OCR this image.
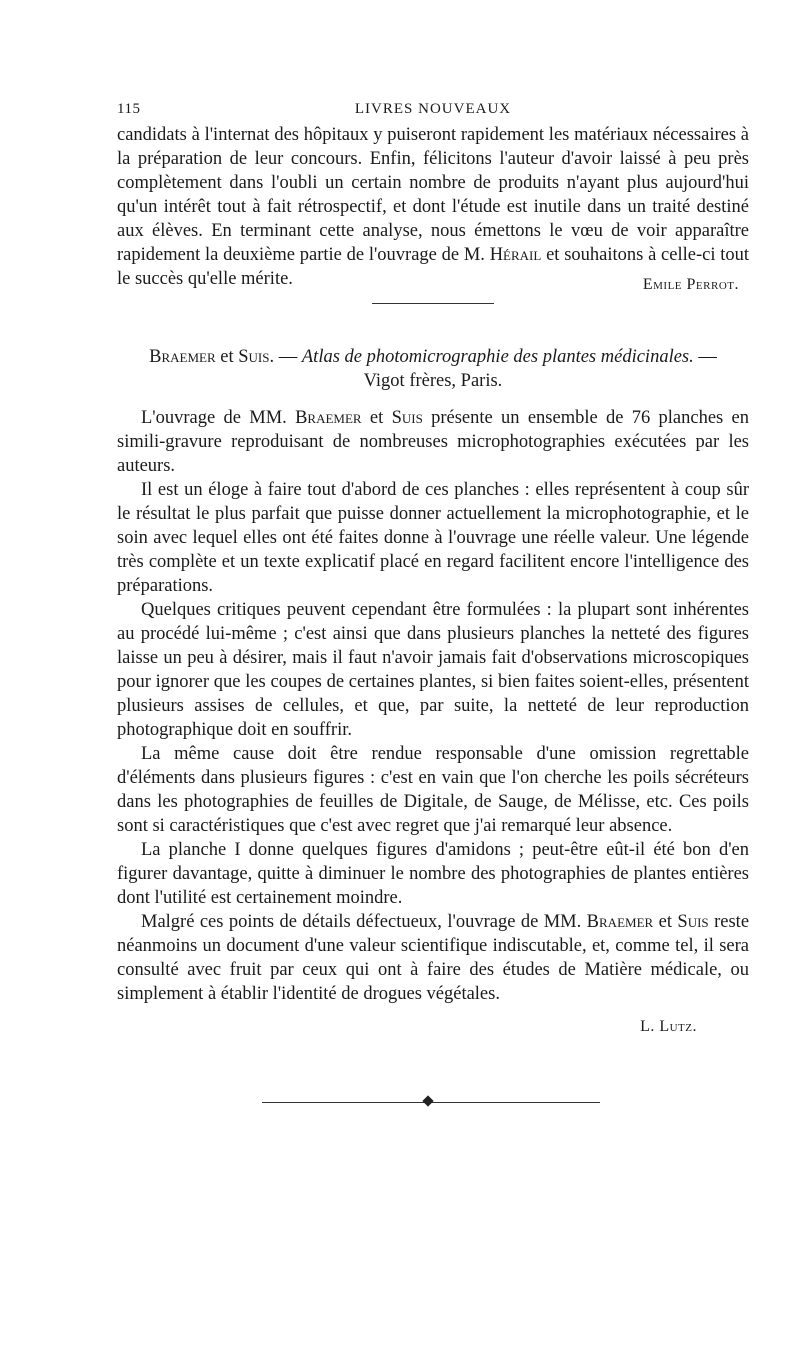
115	LIVRES NOUVEAUX

candidats à l'internat des hôpitaux y puiseront rapidement les matériaux nécessaires à la préparation de leur concours. Enfin, félicitons l'auteur d'avoir laissé à peu près complètement dans l'oubli un certain nombre de produits n'ayant plus aujourd'hui qu'un intérêt tout à fait rétrospectif, et dont l'étude est inutile dans un traité destiné aux élèves. En terminant cette analyse, nous émettons le vœu de voir apparaître rapidement la deuxième partie de l'ouvrage de M. Hérail et souhaitons à celle-ci tout le succès qu'elle mérite.	Emile Perrot.
Braemer et Suis. — Atlas de photomicrographie des plantes médicinales. —
Vigot frères, Paris.

L'ouvrage de MM. Braemer et Suis présente un ensemble de 76 planches en simili-gravure reproduisant de nombreuses microphotographies exécutées par les auteurs.

Il est un éloge à faire tout d'abord de ces planches : elles représentent à coup sûr le résultat le plus parfait que puisse donner actuellement la microphotographie, et le soin avec lequel elles ont été faites donne à l'ouvrage une réelle valeur. Une légende très complète et un texte explicatif placé en regard facilitent encore l'intelligence des préparations.

Quelques critiques peuvent cependant être formulées : la plupart sont inhérentes au procédé lui-même ; c'est ainsi que dans plusieurs planches la netteté des figures laisse un peu à désirer, mais il faut n'avoir jamais fait d'observations microscopiques pour ignorer que les coupes de certaines plantes, si bien faites soient-elles, présentent plusieurs assises de cellules, et que, par suite, la netteté de leur reproduction photographique doit en souffrir.

La même cause doit être rendue responsable d'une omission regrettable d'éléments dans plusieurs figures : c'est en vain que l'on cherche les poils sécréteurs dans les photographies de feuilles de Digitale, de Sauge, de Mélisse, etc. Ces poils sont si caractéristiques que c'est avec regret que j'ai remarqué leur absence.

La planche I donne quelques figures d'amidons ; peut-être eût-il été bon d'en figurer davantage, quitte à diminuer le nombre des photographies de plantes entières dont l'utilité est certainement moindre.

Malgré ces points de détails défectueux, l'ouvrage de MM. Braemer et Suis reste néanmoins un document d'une valeur scientifique indiscutable, et, comme tel, il sera consulté avec fruit par ceux qui ont à faire des études de Matière médicale, ou simplement à établir l'identité de drogues végétales.

L. Lutz.
